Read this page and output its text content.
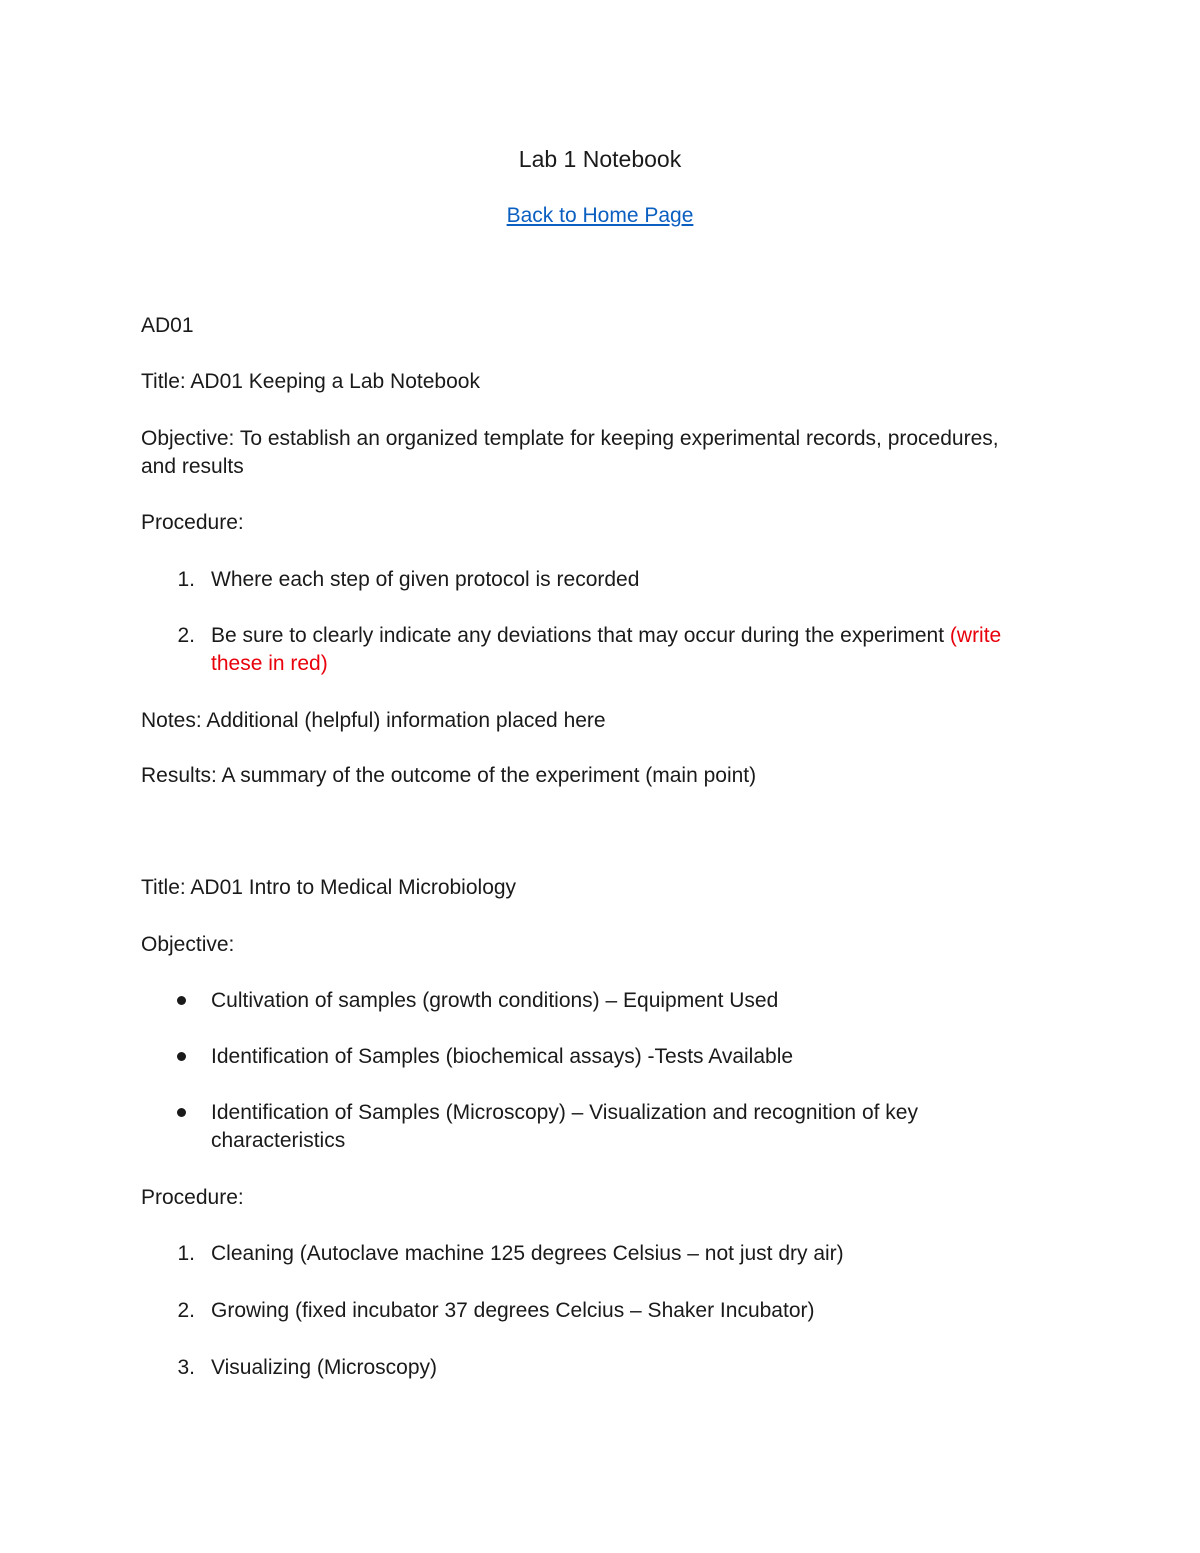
Lab 1 Notebook
Back to Home Page
AD01
Title: AD01 Keeping a Lab Notebook
Objective: To establish an organized template for keeping experimental records, procedures,
and results
Procedure:
1. Where each step of given protocol is recorded
2. Be sure to clearly indicate any deviations that may occur during the experiment (write
these in red)
Notes: Additional (helpful) information placed here
Results: A summary of the outcome of the experiment (main point)
Title: AD01 Intro to Medical Microbiology
Objective:
Cultivation of samples (growth conditions) – Equipment Used
Identification of Samples (biochemical assays) -Tests Available
Identification of Samples (Microscopy) – Visualization and recognition of key
characteristics
Procedure:
1. Cleaning (Autoclave machine 125 degrees Celsius – not just dry air)
2. Growing (fixed incubator 37 degrees Celcius – Shaker Incubator)
3. Visualizing (Microscopy)
